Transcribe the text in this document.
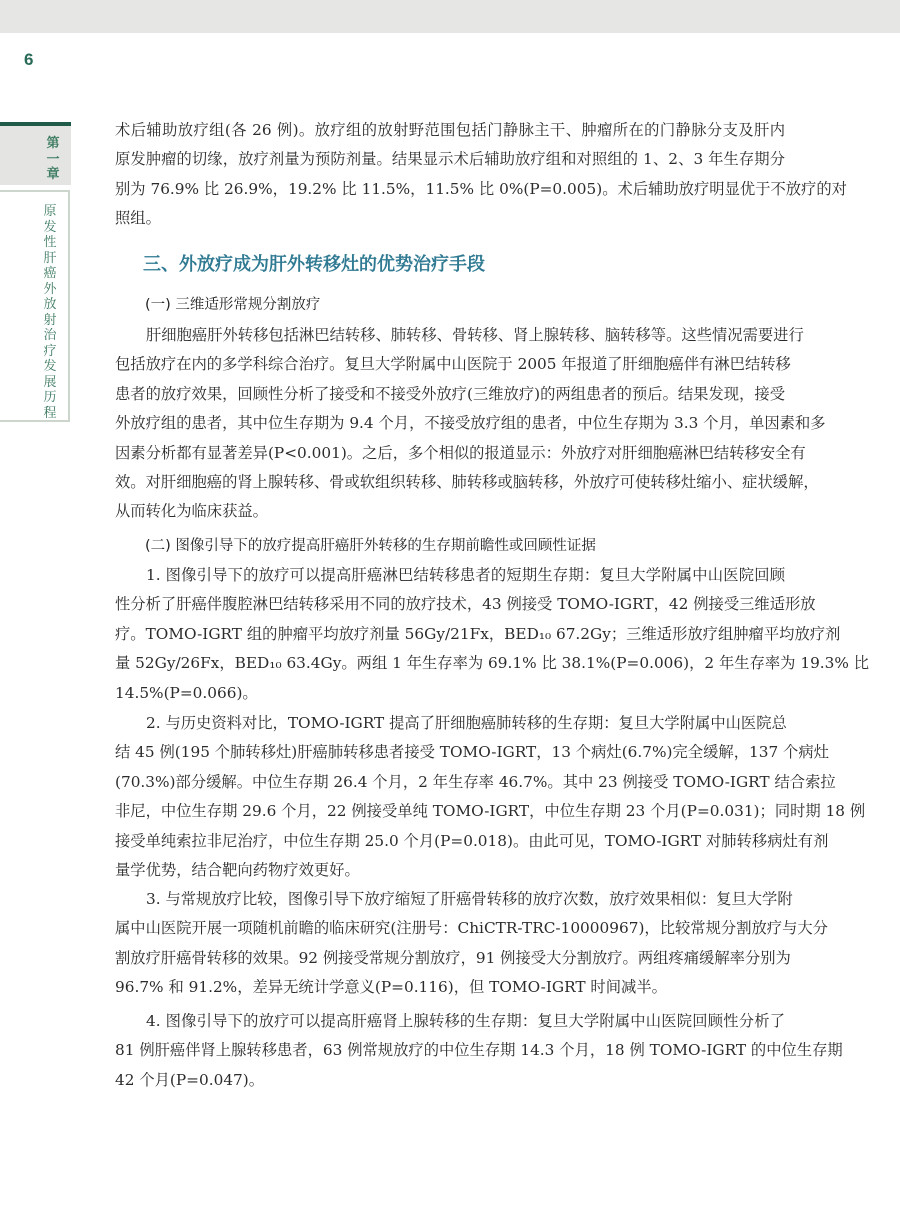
6
第
一
章
原
发
性
肝
癌
外
放
射
治
疗
发
展
历
程
术后辅助放疗组(各 26 例)。放疗组的放射野范围包括门静脉主干、肿瘤所在的门静脉分支及肝内
原发肿瘤的切缘，放疗剂量为预防剂量。结果显示术后辅助放疗组和对照组的 1、2、3 年生存期分
别为 76.9% 比 26.9%，19.2% 比 11.5%，11.5% 比 0%(P=0.005)。术后辅助放疗明显优于不放疗的对
照组。
三、外放疗成为肝外转移灶的优势治疗手段
(一) 三维适形常规分割放疗
肝细胞癌肝外转移包括淋巴结转移、肺转移、骨转移、肾上腺转移、脑转移等。这些情况需要进行
包括放疗在内的多学科综合治疗。复旦大学附属中山医院于 2005 年报道了肝细胞癌伴有淋巴结转移
患者的放疗效果，回顾性分析了接受和不接受外放疗(三维放疗)的两组患者的预后。结果发现，接受
外放疗组的患者，其中位生存期为 9.4 个月，不接受放疗组的患者，中位生存期为 3.3 个月，单因素和多
因素分析都有显著差异(P<0.001)。之后，多个相似的报道显示：外放疗对肝细胞癌淋巴结转移安全有
效。对肝细胞癌的肾上腺转移、骨或软组织转移、肺转移或脑转移，外放疗可使转移灶缩小、症状缓解，
从而转化为临床获益。
(二) 图像引导下的放疗提高肝癌肝外转移的生存期前瞻性或回顾性证据
1. 图像引导下的放疗可以提高肝癌淋巴结转移患者的短期生存期：复旦大学附属中山医院回顾
性分析了肝癌伴腹腔淋巴结转移采用不同的放疗技术，43 例接受 TOMO-IGRT，42 例接受三维适形放
疗。TOMO-IGRT 组的肿瘤平均放疗剂量 56Gy/21Fx，BED₁₀ 67.2Gy；三维适形放疗组肿瘤平均放疗剂
量 52Gy/26Fx，BED₁₀ 63.4Gy。两组 1 年生存率为 69.1% 比 38.1%(P=0.006)，2 年生存率为 19.3% 比
14.5%(P=0.066)。
2. 与历史资料对比，TOMO-IGRT 提高了肝细胞癌肺转移的生存期：复旦大学附属中山医院总
结 45 例(195 个肺转移灶)肝癌肺转移患者接受 TOMO-IGRT，13 个病灶(6.7%)完全缓解，137 个病灶
(70.3%)部分缓解。中位生存期 26.4 个月，2 年生存率 46.7%。其中 23 例接受 TOMO-IGRT 结合索拉
非尼，中位生存期 29.6 个月，22 例接受单纯 TOMO-IGRT，中位生存期 23 个月(P=0.031)；同时期 18 例
接受单纯索拉非尼治疗，中位生存期 25.0 个月(P=0.018)。由此可见，TOMO-IGRT 对肺转移病灶有剂
量学优势，结合靶向药物疗效更好。
3. 与常规放疗比较，图像引导下放疗缩短了肝癌骨转移的放疗次数，放疗效果相似：复旦大学附
属中山医院开展一项随机前瞻的临床研究(注册号：ChiCTR-TRC-10000967)，比较常规分割放疗与大分
割放疗肝癌骨转移的效果。92 例接受常规分割放疗，91 例接受大分割放疗。两组疼痛缓解率分别为
96.7% 和 91.2%，差异无统计学意义(P=0.116)，但 TOMO-IGRT 时间减半。
4. 图像引导下的放疗可以提高肝癌肾上腺转移的生存期：复旦大学附属中山医院回顾性分析了
81 例肝癌伴肾上腺转移患者，63 例常规放疗的中位生存期 14.3 个月，18 例 TOMO-IGRT 的中位生存期
42 个月(P=0.047)。
